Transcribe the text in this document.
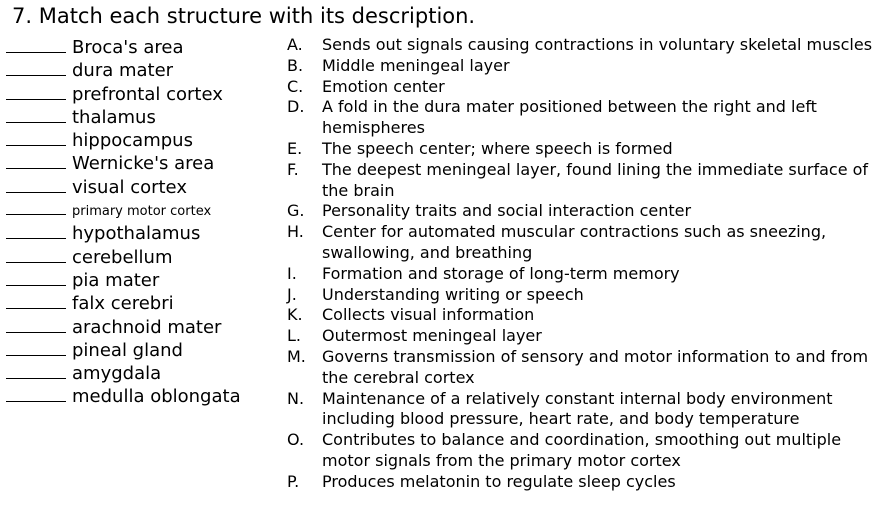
7. Match each structure with its description.
Broca's area
dura mater
prefrontal cortex
thalamus
hippocampus
Wernicke's area
visual cortex
primary motor cortex
hypothalamus
cerebellum
pia mater
falx cerebri
arachnoid mater
pineal gland
amygdala
medulla oblongata
A.	Sends out signals causing contractions in voluntary skeletal muscles
B.	Middle meningeal layer
C.	Emotion center
D.	A fold in the dura mater positioned between the right and left hemispheres
E.	The speech center; where speech is formed
F.	The deepest meningeal layer, found lining the immediate surface of the brain
G.	Personality traits and social interaction center
H.	Center for automated muscular contractions such as sneezing, swallowing, and breathing
I.	Formation and storage of long-term memory
J.	Understanding writing or speech
K.	Collects visual information
L.	Outermost meningeal layer
M.	Governs transmission of sensory and motor information to and from the cerebral cortex
N.	Maintenance of a relatively constant internal body environment including blood pressure, heart rate, and body temperature
O.	Contributes to balance and coordination, smoothing out multiple motor signals from the primary motor cortex
P.	Produces melatonin to regulate sleep cycles
